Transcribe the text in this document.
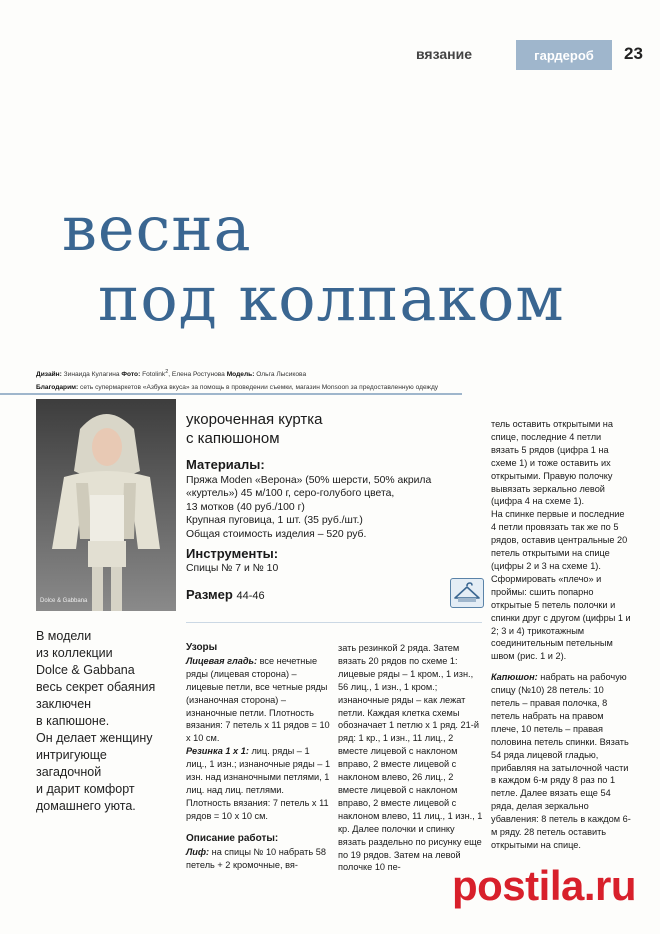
вязание	гардероб	23
весна
под колпаком
Дизайн: Зинаида Кулагина Фото: Fotolink$^2$, Елена Ростунова Модель: Ольга Лысикова
Благодарим: сеть супермаркетов «Азбука вкуса» за помощь в проведении съемки, магазин Monsoon за предоставленную одежду
Dolce & Gabbana
В модели
из коллекции
Dolce & Gabbana
весь секрет обаяния
заключен
в капюшоне.
Он делает женщину
интригующе
загадочной
и дарит комфорт
домашнего уюта.
укороченная куртка
с капюшоном
Материалы:
Пряжа Moden «Верона» (50% шерсти, 50% акрила
«куртель») 45 м/100 г, серо-голубого цвета,
13 мотков (40 руб./100 г)
Крупная пуговица, 1 шт. (35 руб./шт.)
Общая стоимость изделия – 520 руб.
Инструменты:
Спицы № 7 и № 10
Размер 44-46

Узоры

Лицевая гладь: все нечетные ряды (лицевая сторона) – лицевые петли, все четные ряды (изнаночная сторона) – изнаночные петли. Плотность вязания: 7 петель х 11 рядов = 10 х 10 см.

Резинка 1 х 1: лиц. ряды – 1 лиц., 1 изн.; изнаночные ряды – 1 изн. над изнаночными петлями, 1 лиц. над лиц. петлями. Плотность вязания: 7 петель х 11 рядов = 10 х 10 см.

Описание работы:

Лиф: на спицы № 10 набрать 58 петель + 2 кромочные, вя-

зать резинкой 2 ряда. Затем вязать 20 рядов по схеме 1: лицевые ряды – 1 кром., 1 изн., 56 лиц., 1 изн., 1 кром.; изнаночные ряды – как лежат петли. Каждая клетка схемы обозначает 1 петлю х 1 ряд. 21-й ряд: 1 кр., 1 изн., 11 лиц., 2 вместе лицевой с наклоном вправо, 2 вместе лицевой с наклоном влево, 26 лиц., 2 вместе лицевой с наклоном вправо, 2 вместе лицевой с наклоном влево, 11 лиц., 1 изн., 1 кр. Далее полочки и спинку вязать раздельно по рисунку еще по 19 рядов. Затем на левой полочке 10 пе-

тель оставить открытыми на спице, последние 4 петли вязать 5 рядов (цифра 1 на схеме 1) и тоже оставить их открытыми. Правую полочку вывязать зеркально левой (цифра 4 на схеме 1).

На спинке первые и последние 4 петли провязать так же по 5 рядов, оставив центральные 20 петель открытыми на спице (цифры 2 и 3 на схеме 1). Сформировать «плечо» и проймы: сшить попарно открытые 5 петель полочки и спинки друг с другом (цифры 1 и 2; 3 и 4) трикотажным соединительным петельным швом (рис. 1 и 2).

Капюшон: набрать на рабочую спицу (№10) 28 петель: 10 петель – правая полочка, 8 петель набрать на правом плече, 10 петель – правая половина петель спинки. Вязать 54 ряда лицевой гладью, прибавляя на затылочной части в каждом 6-м ряду 8 раз по 1 петле. Далее вязать еще 54 ряда, делая зеркально убавления: 8 петель в каждом 6-м ряду. 28 петель оставить открытыми на спице.

postila.ru
